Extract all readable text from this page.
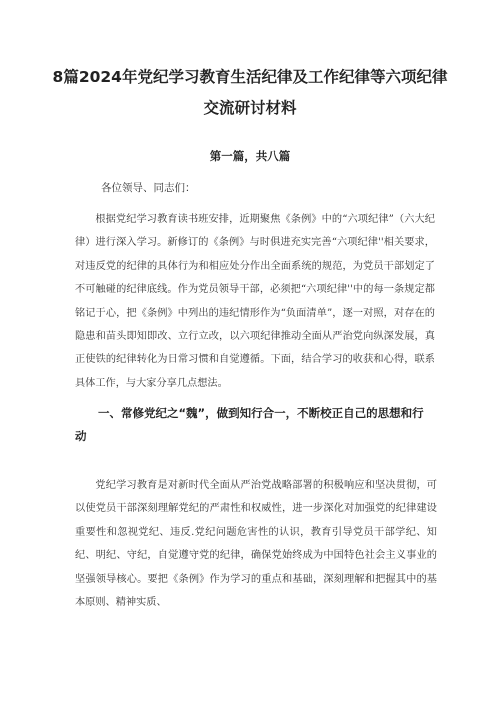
8篇2024年党纪学习教育生活纪律及工作纪律等六项纪律交流研讨材料
第一篇，共八篇
各位领导、同志们：

根据党纪学习教育读书班安排，近期聚焦《条例》中的“六项纪律”（六大纪律）进行深入学习。新修订的《条例》与时俱进充实完善“六项纪律''相关要求，对违反党的纪律的具体行为和相应处分作出全面系统的规范，为党员干部划定了不可触碰的纪律底线。作为党员领导干部，必须把“六项纪律''中的每一条规定都铭记于心，把《条例》中列出的违纪情形作为“负面清单”，逐一对照，对存在的隐患和苗头即知即改、立行立改，以六项纪律推动全面从严治党向纵深发展，真正使铁的纪律转化为日常习惯和自觉遵循。下面，结合学习的收获和心得，联系具体工作，与大家分享几点想法。

一、常修党纪之“魏”，做到知行合一，不断校正自己的思想和行动

党纪学习教育是对新时代全面从严治党战略部署的积极响应和坚决贯彻，可以使党员干部深刻理解党纪的严肃性和权威性，进一步深化对加强党的纪律建设重要性和忽视党纪、违反.党纪问题危害性的认识，教育引导党员干部学纪、知纪、明纪、守纪，自觉遵守党的纪律，确保党始终成为中国特色社会主义事业的坚强领导核心。要把《条例》作为学习的重点和基础，深刻理解和把握其中的基本原则、精神实质、
